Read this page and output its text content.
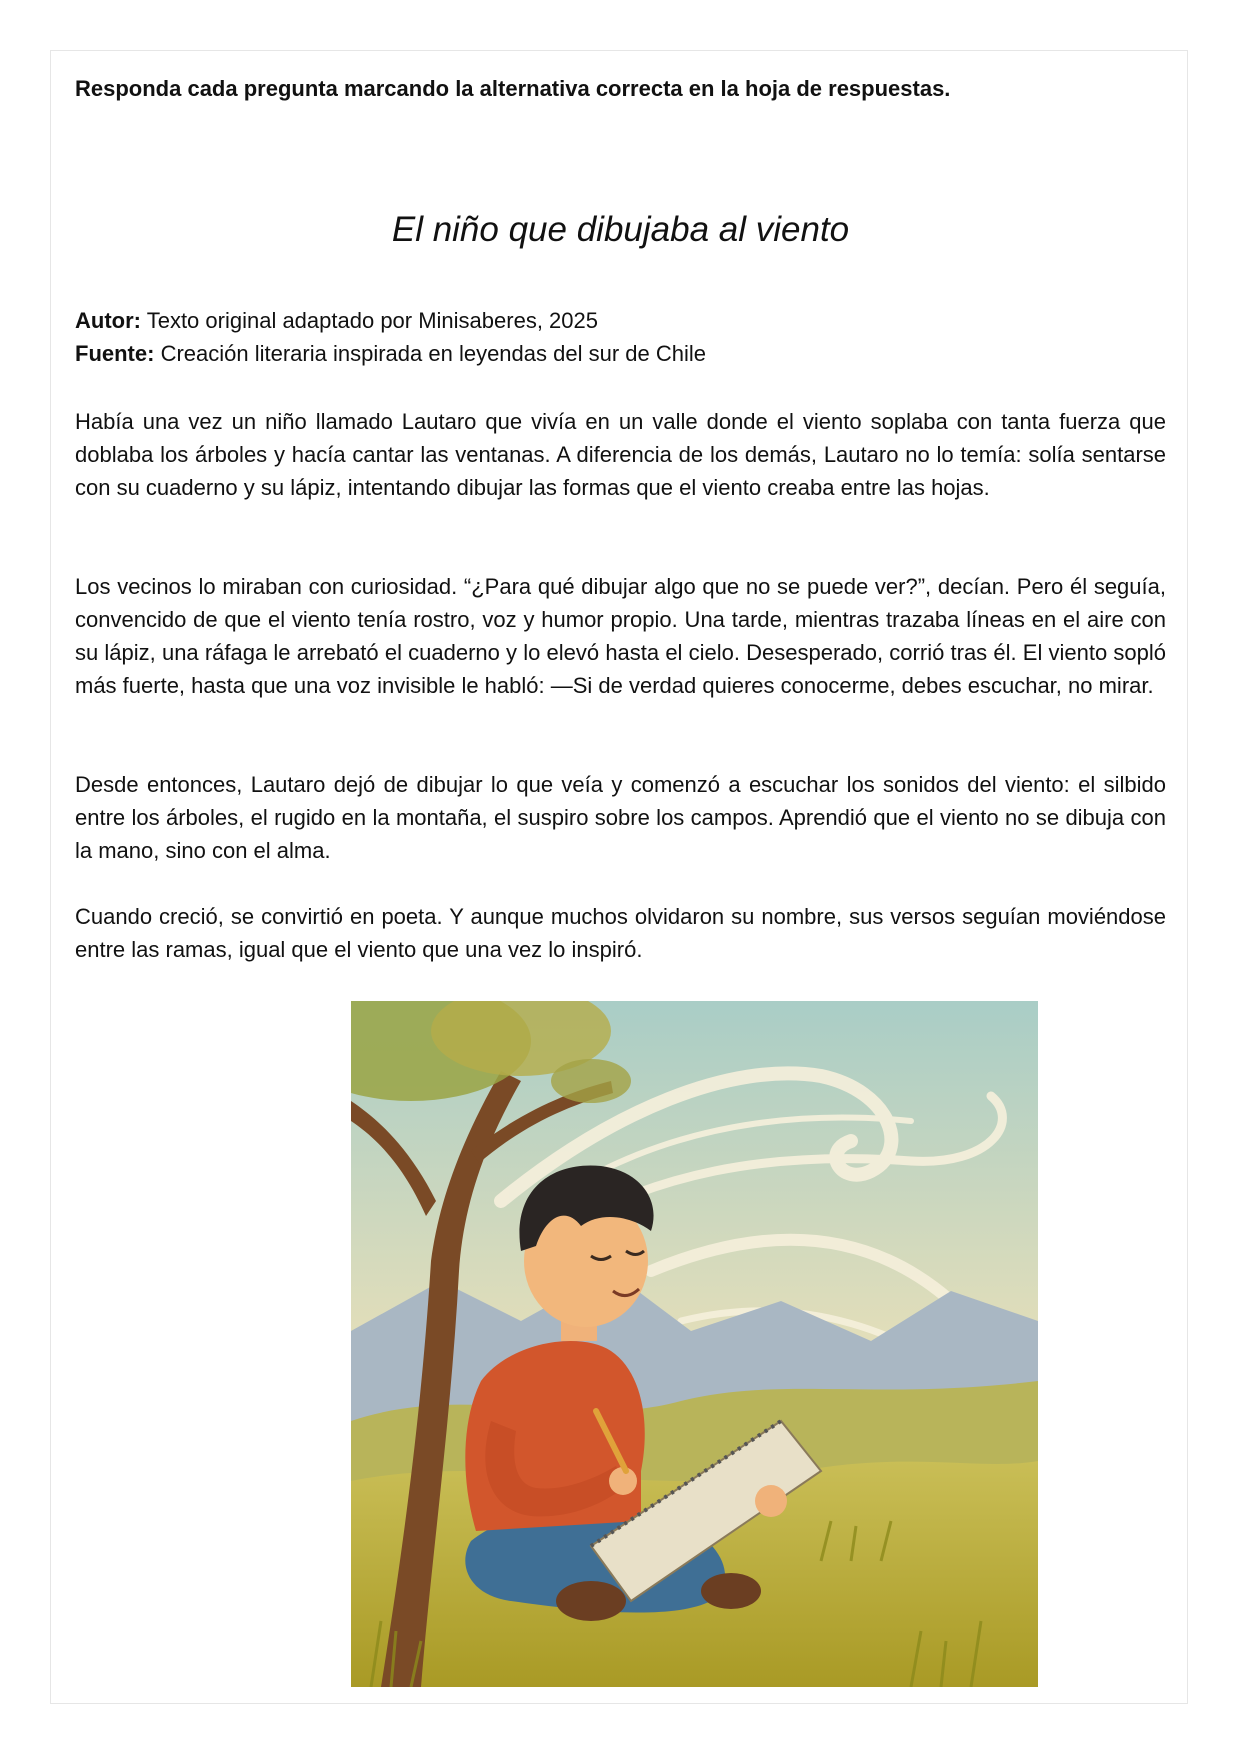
Responda cada pregunta marcando la alternativa correcta en la hoja de respuestas.

El niño que dibujaba al viento

Autor: Texto original adaptado por Minisaberes, 2025

Fuente: Creación literaria inspirada en leyendas del sur de Chile

Había una vez un niño llamado Lautaro que vivía en un valle donde el viento soplaba con tanta fuerza que doblaba los árboles y hacía cantar las ventanas. A diferencia de los demás, Lautaro no lo temía: solía sentarse con su cuaderno y su lápiz, intentando dibujar las formas que el viento creaba entre las hojas.

Los vecinos lo miraban con curiosidad. “¿Para qué dibujar algo que no se puede ver?”, decían. Pero él seguía, convencido de que el viento tenía rostro, voz y humor propio. Una tarde, mientras trazaba líneas en el aire con su lápiz, una ráfaga le arrebató el cuaderno y lo elevó hasta el cielo. Desesperado, corrió tras él. El viento sopló más fuerte, hasta que una voz invisible le habló: —Si de verdad quieres conocerme, debes escuchar, no mirar.

Desde entonces, Lautaro dejó de dibujar lo que veía y comenzó a escuchar los sonidos del viento: el silbido entre los árboles, el rugido en la montaña, el suspiro sobre los campos. Aprendió que el viento no se dibuja con la mano, sino con el alma.

Cuando creció, se convirtió en poeta. Y aunque muchos olvidaron su nombre, sus versos seguían moviéndose entre las ramas, igual que el viento que una vez lo inspiró.
